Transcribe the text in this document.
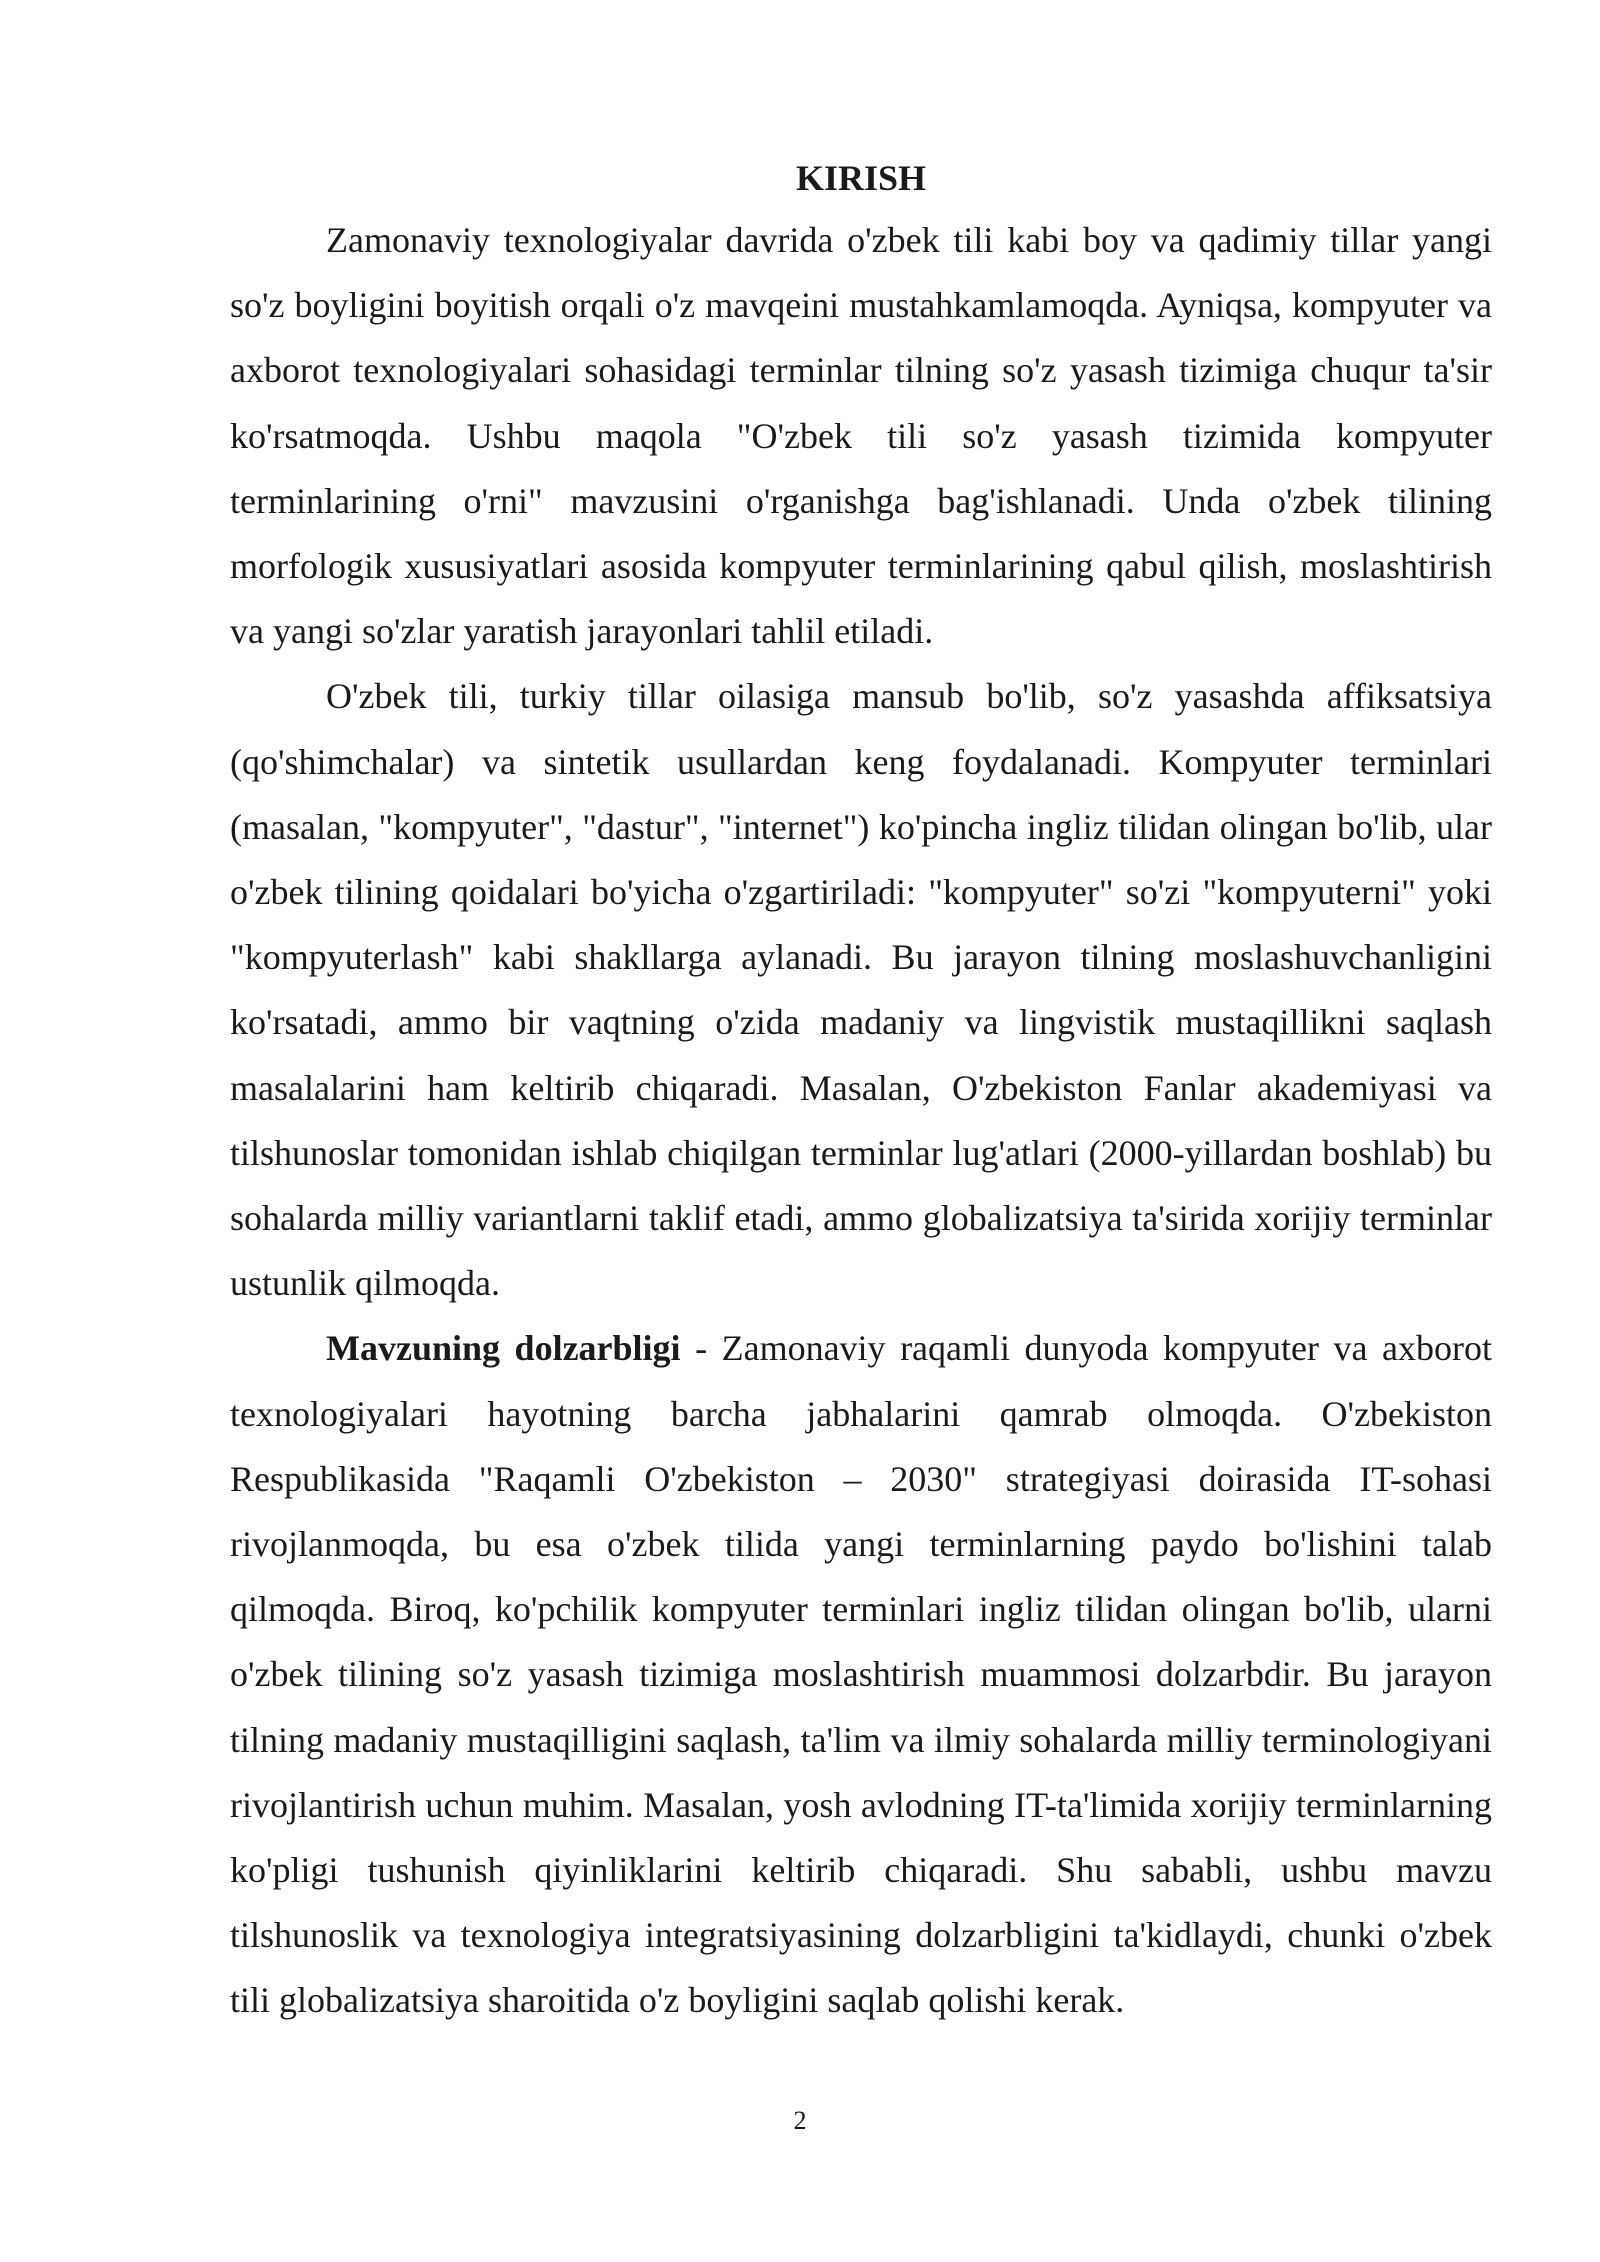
KIRISH

Zamonaviy texnologiyalar davrida o'zbek tili kabi boy va qadimiy tillar yangi so'z boyligini boyitish orqali o'z mavqeini mustahkamlamoqda. Ayniqsa, kompyuter va axborot texnologiyalari sohasidagi terminlar tilning so'z yasash tizimiga chuqur ta'sir ko'rsatmoqda. Ushbu maqola "O'zbek tili so'z yasash tizimida kompyuter terminlarining o'rni" mavzusini o'rganishga bag'ishlanadi. Unda o'zbek tilining morfologik xususiyatlari asosida kompyuter terminlarining qabul qilish, moslashtirish va yangi so'zlar yaratish jarayonlari tahlil etiladi.

O'zbek tili, turkiy tillar oilasiga mansub bo'lib, so'z yasashda affiksatsiya (qo'shimchalar) va sintetik usullardan keng foydalanadi. Kompyuter terminlari (masalan, "kompyuter", "dastur", "internet") ko'pincha ingliz tilidan olingan bo'lib, ular o'zbek tilining qoidalari bo'yicha o'zgartiriladi: "kompyuter" so'zi "kompyuterni" yoki "kompyuterlash" kabi shakllarga aylanadi. Bu jarayon tilning moslashuvchanligini ko'rsatadi, ammo bir vaqtning o'zida madaniy va lingvistik mustaqillikni saqlash masalalarini ham keltirib chiqaradi. Masalan, O'zbekiston Fanlar akademiyasi va tilshunoslar tomonidan ishlab chiqilgan terminlar lug'atlari (2000-yillardan boshlab) bu sohalarda milliy variantlarni taklif etadi, ammo globalizatsiya ta'sirida xorijiy terminlar ustunlik qilmoqda.

Mavzuning dolzarbligi - Zamonaviy raqamli dunyoda kompyuter va axborot texnologiyalari hayotning barcha jabhalarini qamrab olmoqda. O'zbekiston Respublikasida "Raqamli O'zbekiston – 2030" strategiyasi doirasida IT-sohasi rivojlanmoqda, bu esa o'zbek tilida yangi terminlarning paydo bo'lishini talab qilmoqda. Biroq, ko'pchilik kompyuter terminlari ingliz tilidan olingan bo'lib, ularni o'zbek tilining so'z yasash tizimiga moslashtirish muammosi dolzarbdir. Bu jarayon tilning madaniy mustaqilligini saqlash, ta'lim va ilmiy sohalarda milliy terminologiyani rivojlantirish uchun muhim. Masalan, yosh avlodning IT-ta'limida xorijiy terminlarning ko'pligi tushunish qiyinliklarini keltirib chiqaradi. Shu sababli, ushbu mavzu tilshunoslik va texnologiya integratsiyasining dolzarbligini ta'kidlaydi, chunki o'zbek tili globalizatsiya sharoitida o'z boyligini saqlab qolishi kerak.

2
